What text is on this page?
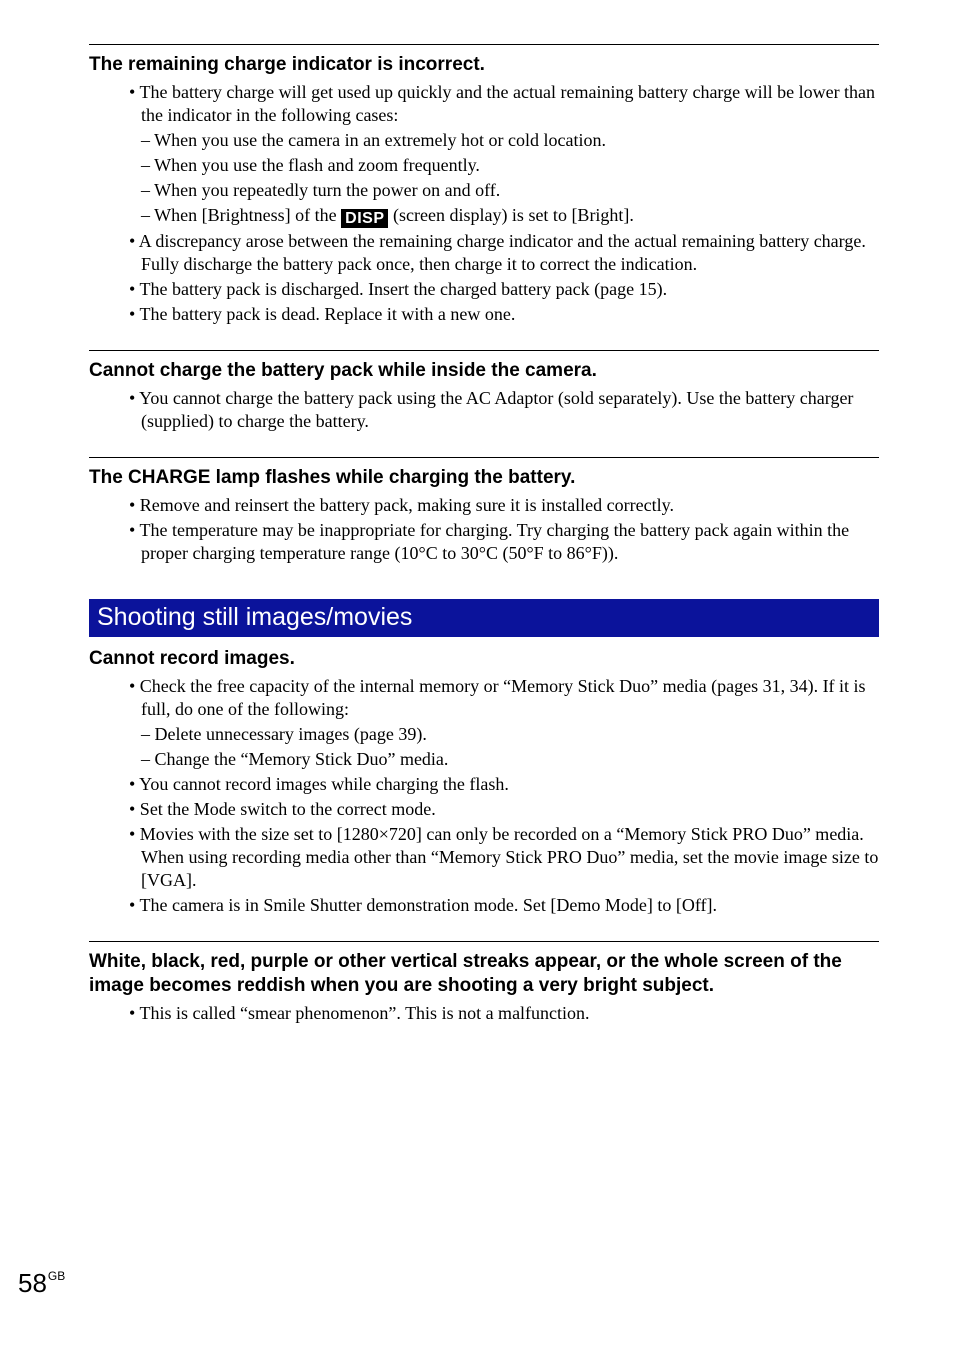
The remaining charge indicator is incorrect.
• The battery charge will get used up quickly and the actual remaining battery charge will be lower than the indicator in the following cases:
– When you use the camera in an extremely hot or cold location.
– When you use the flash and zoom frequently.
– When you repeatedly turn the power on and off.
– When [Brightness] of the DISP (screen display) is set to [Bright].
• A discrepancy arose between the remaining charge indicator and the actual remaining battery charge. Fully discharge the battery pack once, then charge it to correct the indication.
• The battery pack is discharged. Insert the charged battery pack (page 15).
• The battery pack is dead. Replace it with a new one.
Cannot charge the battery pack while inside the camera.
• You cannot charge the battery pack using the AC Adaptor (sold separately). Use the battery charger (supplied) to charge the battery.
The CHARGE lamp flashes while charging the battery.
• Remove and reinsert the battery pack, making sure it is installed correctly.
• The temperature may be inappropriate for charging. Try charging the battery pack again within the proper charging temperature range (10°C to 30°C (50°F to 86°F)).
Shooting still images/movies
Cannot record images.
• Check the free capacity of the internal memory or “Memory Stick Duo” media (pages 31, 34). If it is full, do one of the following:
– Delete unnecessary images (page 39).
– Change the “Memory Stick Duo” media.
• You cannot record images while charging the flash.
• Set the Mode switch to the correct mode.
• Movies with the size set to [1280×720] can only be recorded on a “Memory Stick PRO Duo” media. When using recording media other than “Memory Stick PRO Duo” media, set the movie image size to [VGA].
• The camera is in Smile Shutter demonstration mode. Set [Demo Mode] to [Off].
White, black, red, purple or other vertical streaks appear, or the whole screen of the image becomes reddish when you are shooting a very bright subject.
• This is called “smear phenomenon”. This is not a malfunction.
$58^{GB}$
